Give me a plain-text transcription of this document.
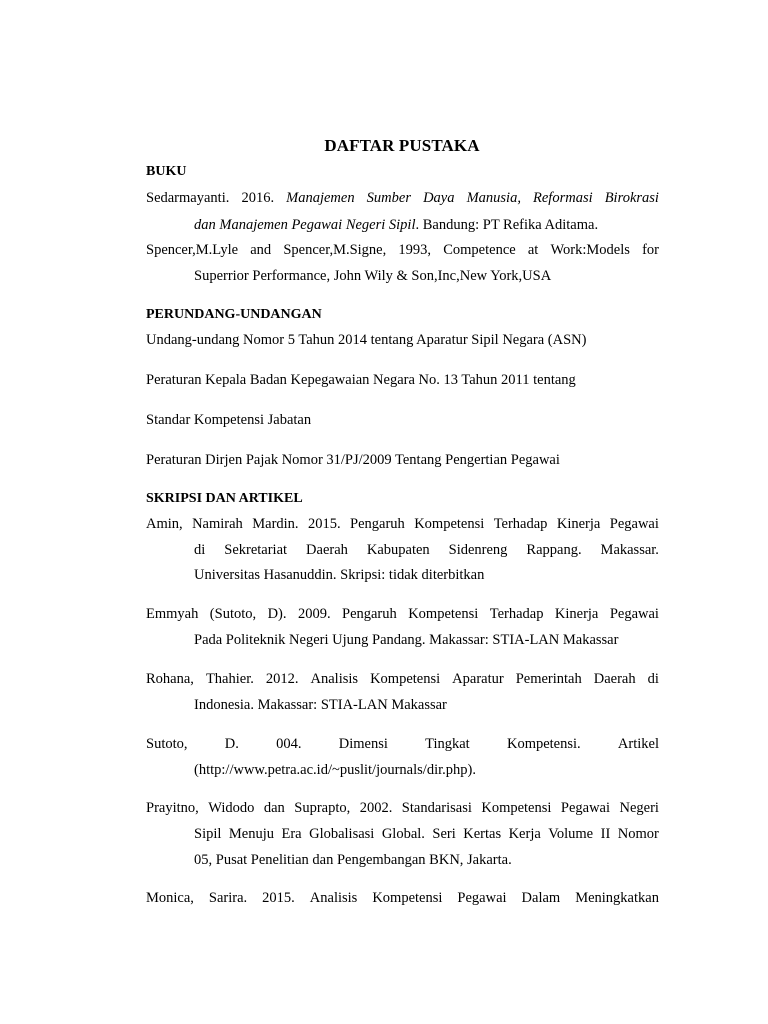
DAFTAR PUSTAKA
BUKU
Sedarmayanti. 2016. Manajemen Sumber Daya Manusia, Reformasi Birokrasi
dan Manajemen Pegawai Negeri Sipil. Bandung: PT Refika Aditama.
Spencer,M.Lyle and Spencer,M.Signe, 1993, Competence at Work:Models for
Superrior Performance, John Wily & Son,Inc,New York,USA
PERUNDANG-UNDANGAN
Undang-undang Nomor 5 Tahun 2014 tentang Aparatur Sipil Negara (ASN)
Peraturan Kepala Badan Kepegawaian Negara No. 13 Tahun 2011 tentang
Standar Kompetensi Jabatan
Peraturan Dirjen Pajak Nomor 31/PJ/2009 Tentang Pengertian Pegawai
SKRIPSI DAN ARTIKEL
Amin, Namirah Mardin. 2015. Pengaruh Kompetensi Terhadap Kinerja Pegawai
di Sekretariat Daerah Kabupaten Sidenreng Rappang. Makassar.
Universitas Hasanuddin. Skripsi: tidak diterbitkan
Emmyah (Sutoto, D). 2009. Pengaruh Kompetensi Terhadap Kinerja Pegawai
Pada Politeknik Negeri Ujung Pandang. Makassar: STIA-LAN Makassar
Rohana, Thahier. 2012. Analisis Kompetensi Aparatur Pemerintah Daerah di
Indonesia. Makassar: STIA-LAN Makassar
Sutoto,	D.	004.	Dimensi	Tingkat	Kompetensi.	Artikel
(http://www.petra.ac.id/~puslit/journals/dir.php).
Prayitno, Widodo dan Suprapto, 2002. Standarisasi Kompetensi Pegawai Negeri
Sipil Menuju Era Globalisasi Global. Seri Kertas Kerja Volume II Nomor
05, Pusat Penelitian dan Pengembangan BKN, Jakarta.
Monica, Sarira. 2015. Analisis Kompetensi Pegawai Dalam Meningkatkan
